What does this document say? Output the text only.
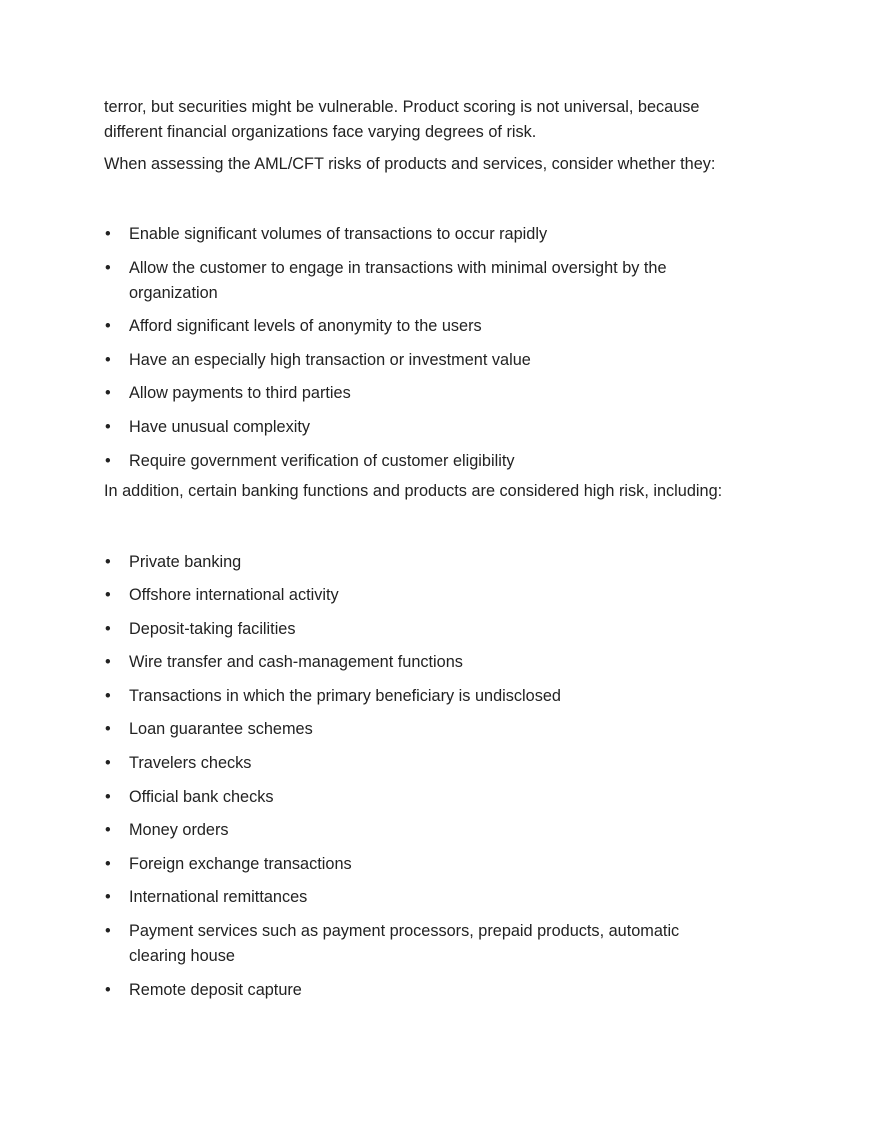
terror, but securities might be vulnerable. Product scoring is not universal, because different financial organizations face varying degrees of risk.

When assessing the AML/CFT risks of products and services, consider whether they:

• Enable significant volumes of transactions to occur rapidly
• Allow the customer to engage in transactions with minimal oversight by the organization
• Afford significant levels of anonymity to the users
• Have an especially high transaction or investment value
• Allow payments to third parties
• Have unusual complexity
• Require government verification of customer eligibility

In addition, certain banking functions and products are considered high risk, including:

• Private banking
• Offshore international activity
• Deposit-taking facilities
• Wire transfer and cash-management functions
• Transactions in which the primary beneficiary is undisclosed
• Loan guarantee schemes
• Travelers checks
• Official bank checks
• Money orders
• Foreign exchange transactions
• International remittances
• Payment services such as payment processors, prepaid products, automatic clearing house
• Remote deposit capture
